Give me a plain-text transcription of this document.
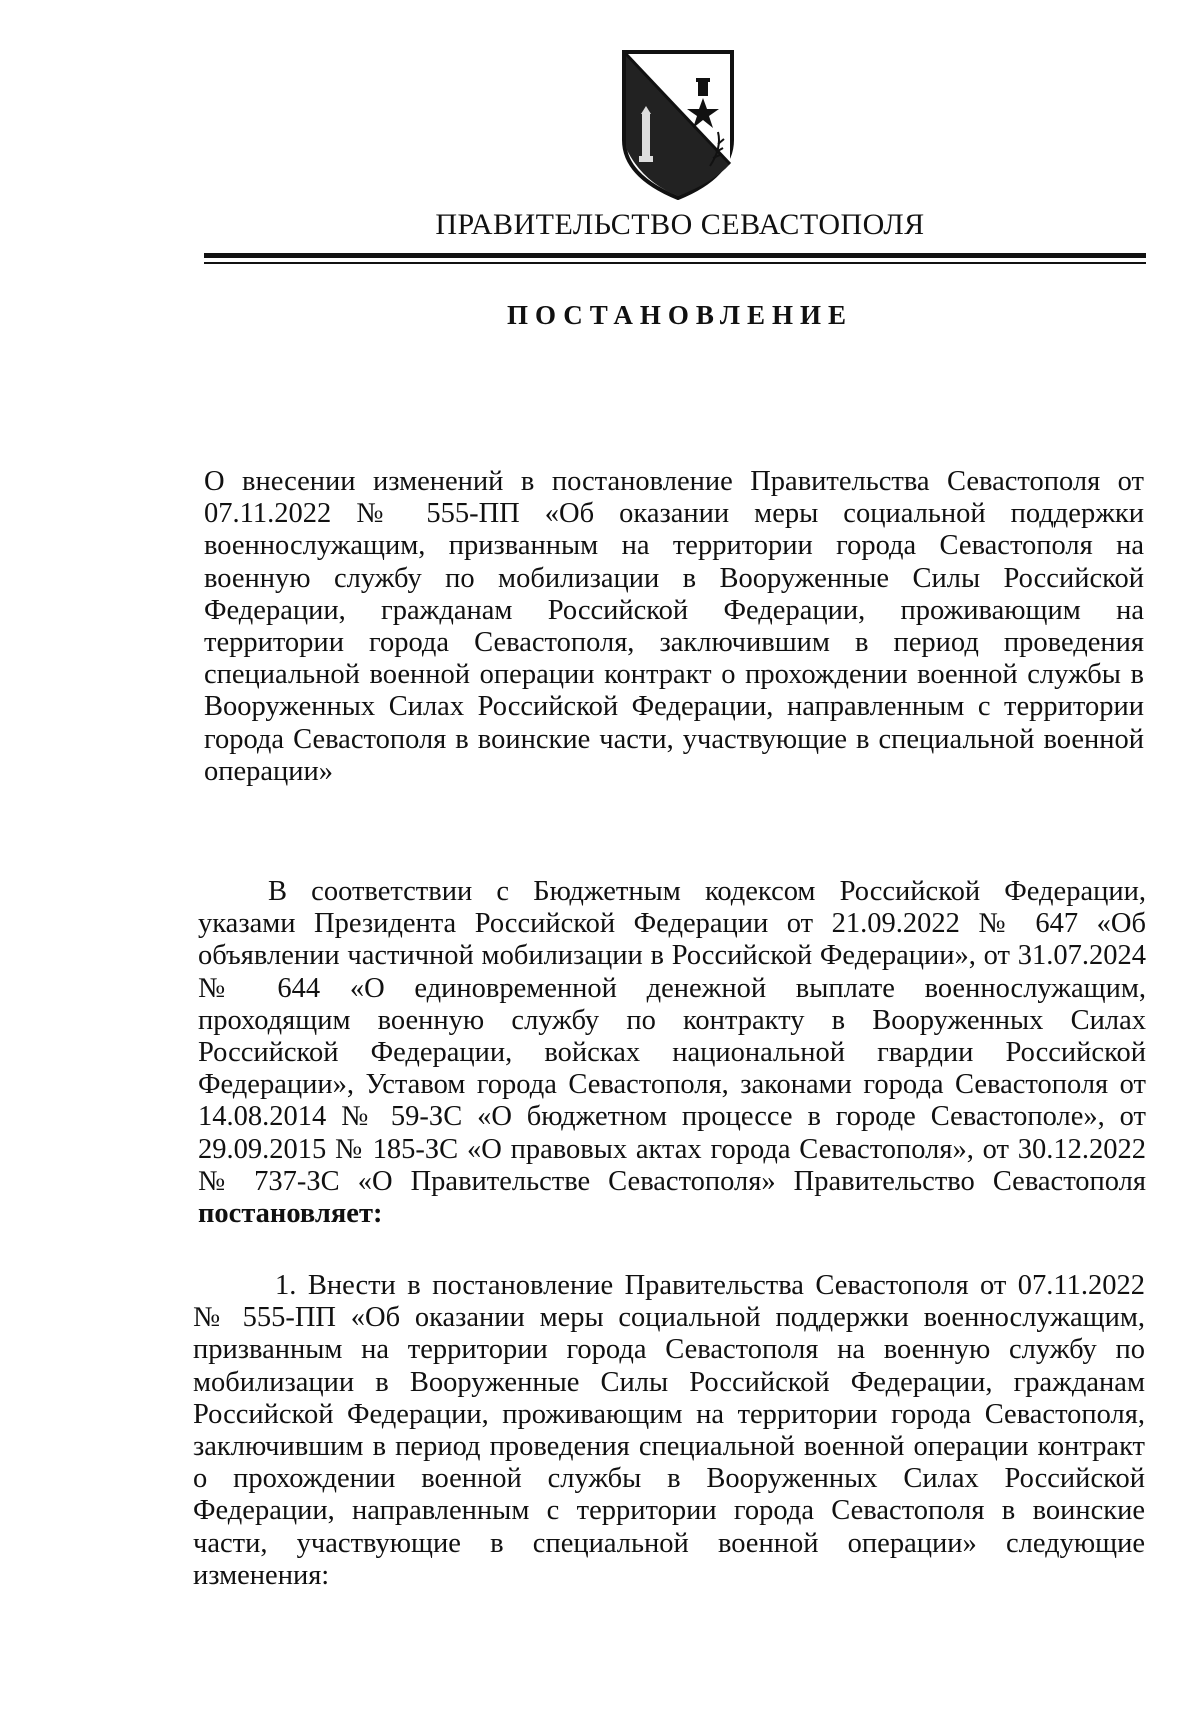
ПРАВИТЕЛЬСТВО СЕВАСТОПОЛЯ
ПОСТАНОВЛЕНИЕ

О внесении изменений в постановление Правительства Севастополя от 07.11.2022 № 555-ПП «Об оказании меры социальной поддержки военнослужащим, призванным на территории города Севастополя на военную службу по мобилизации в Вооруженные Силы Российской Федерации, гражданам Российской Федерации, проживающим на территории города Севастополя, заключившим в период проведения специальной военной операции контракт о прохождении военной службы в Вооруженных Силах Российской Федерации, направленным с территории города Севастополя в воинские части, участвующие в специальной военной операции»

В соответствии с Бюджетным кодексом Российской Федерации, указами Президента Российской Федерации от 21.09.2022 № 647 «Об объявлении частичной мобилизации в Российской Федерации», от 31.07.2024 № 644 «О единовременной денежной выплате военнослужащим, проходящим военную службу по контракту в Вооруженных Силах Российской Федерации, войсках национальной гвардии Российской Федерации», Уставом города Севастополя, законами города Севастополя от 14.08.2014 № 59-ЗС «О бюджетном процессе в городе Севастополе», от 29.09.2015 № 185-ЗС «О правовых актах города Севастополя», от 30.12.2022 № 737-ЗС «О Правительстве Севастополя» Правительство Севастополя постановляет:

1. Внести в постановление Правительства Севастополя от 07.11.2022 № 555-ПП «Об оказании меры социальной поддержки военнослужащим, призванным на территории города Севастополя на военную службу по мобилизации в Вооруженные Силы Российской Федерации, гражданам Российской Федерации, проживающим на территории города Севастополя, заключившим в период проведения специальной военной операции контракт о прохождении военной службы в Вооруженных Силах Российской Федерации, направленным с территории города Севастополя в воинские части, участвующие в специальной военной операции» следующие изменения:
